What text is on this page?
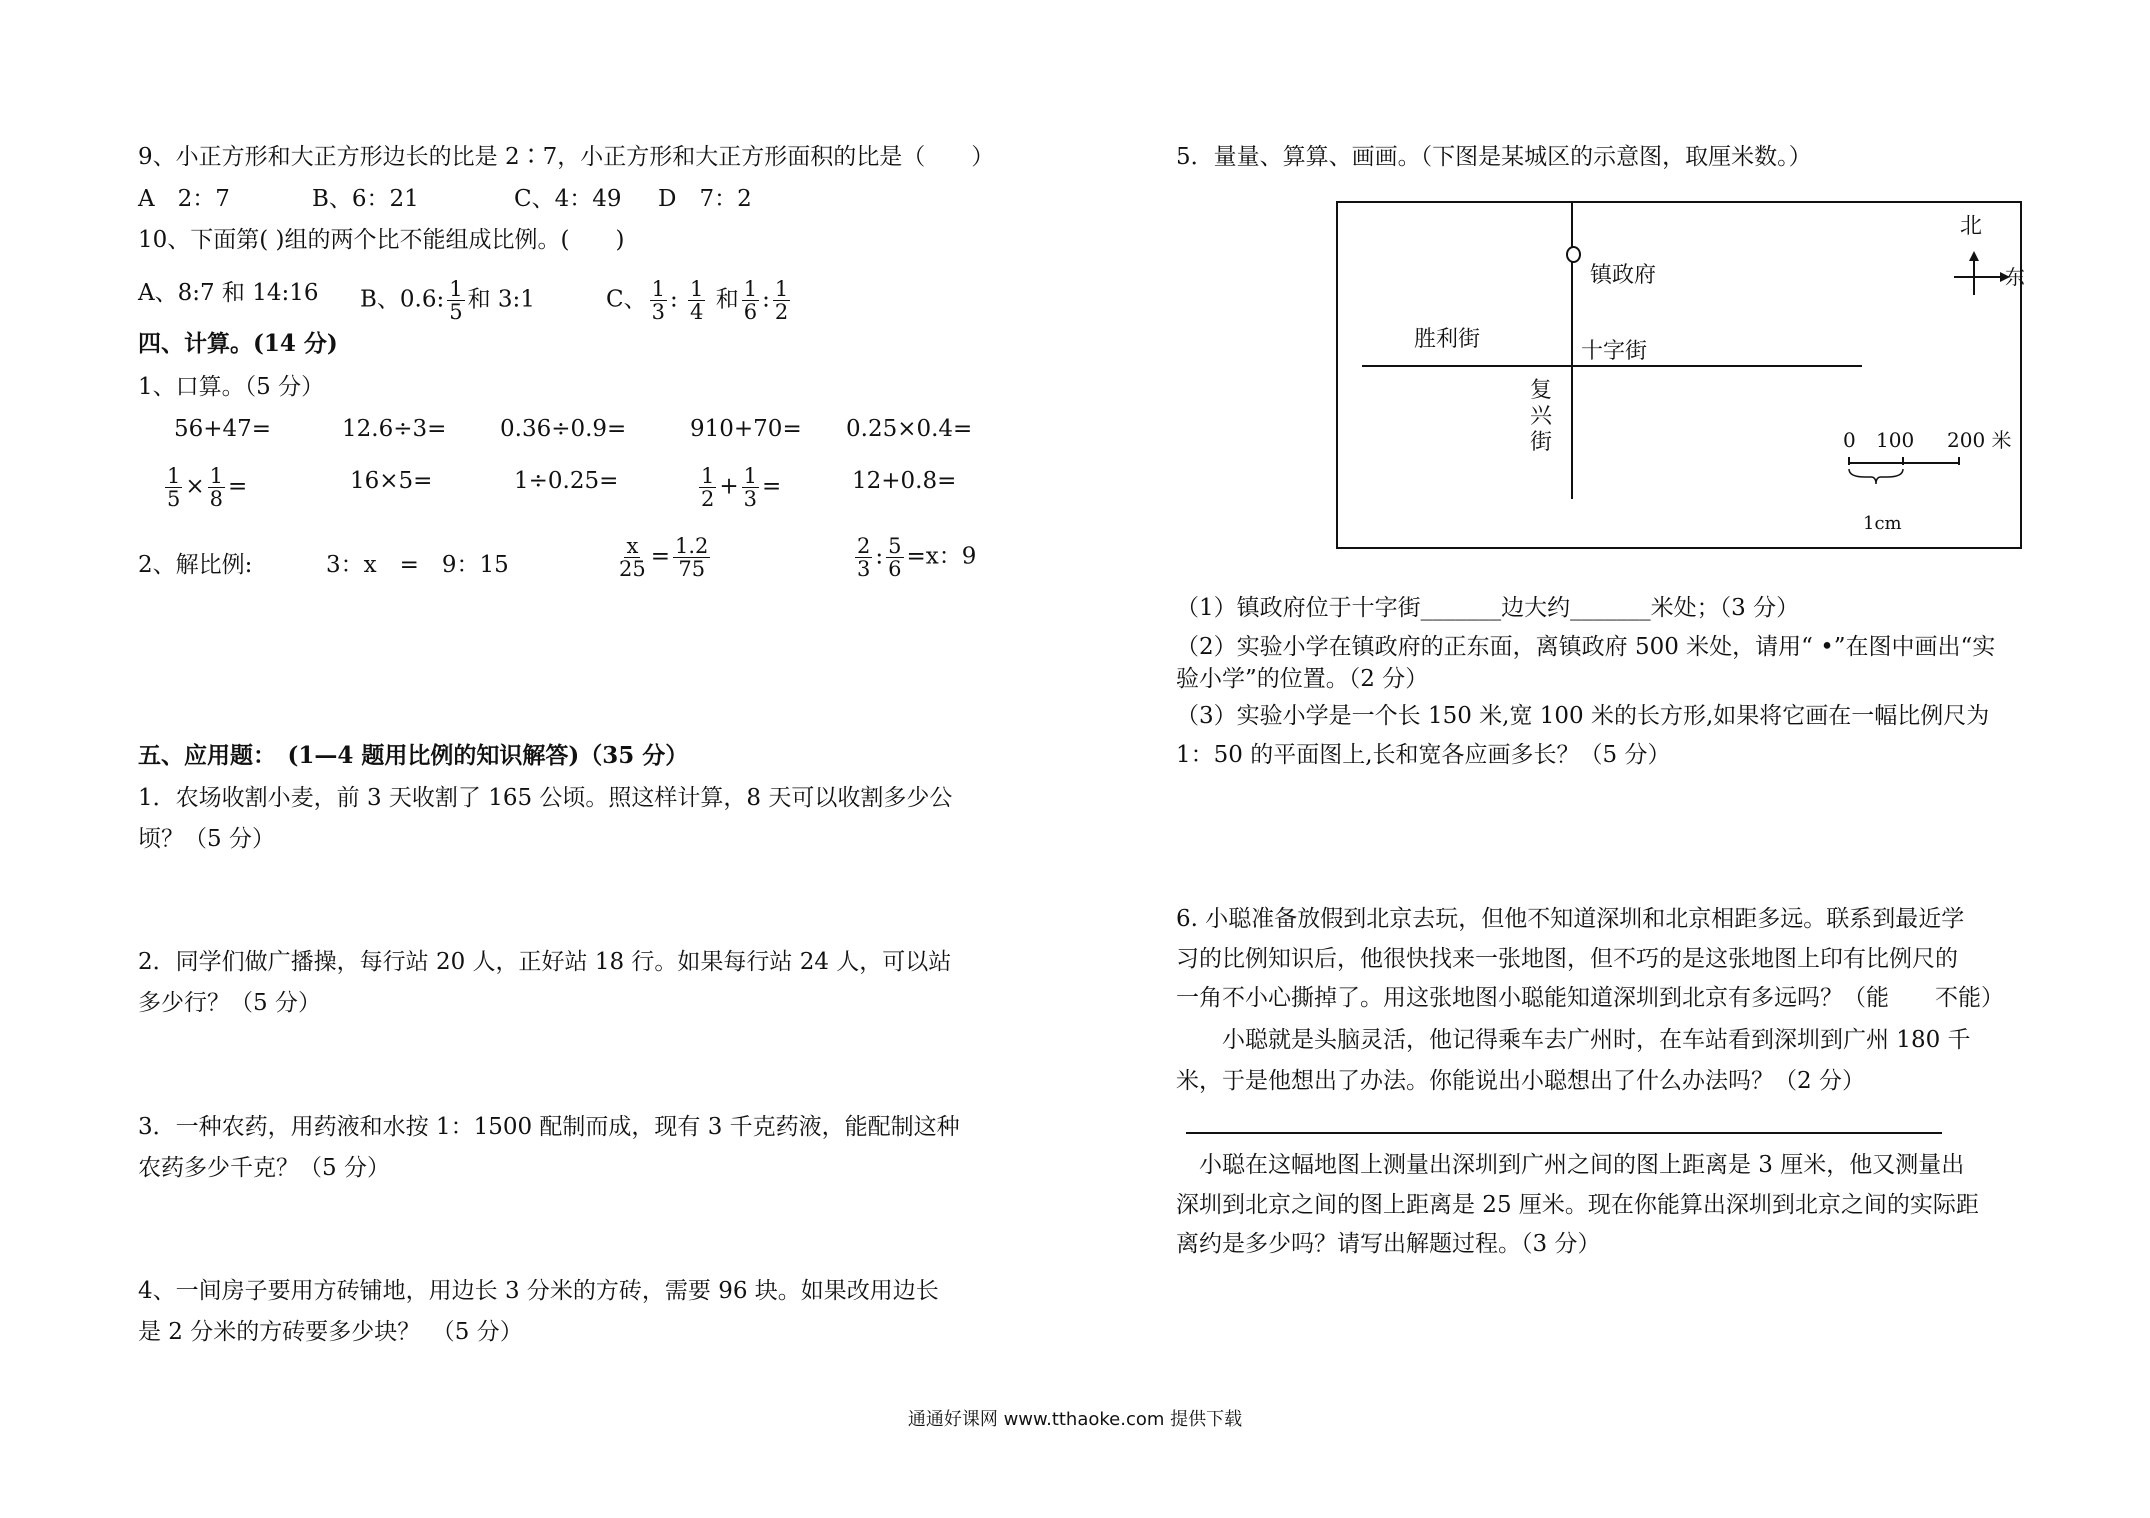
9、小正方形和大正方形边长的比是 2∶7，小正方形和大正方形面积的比是（　　）
A　2：7	B、6：21	C、4：49 D　7：2
10、下面第( )组的两个比不能组成比例。(　　)
A、8:7 和 14:16 B、0.6: $\frac{1}{5}$ 和 3:1	C、 $\frac{1}{3}$ : $\frac{1}{4}$ 和 $\frac{1}{6}$ : $\frac{1}{2}$
四、计算。(14 分)
1、口算。（5 分）
56+47=	12.6÷3= 0.36÷0.9=	910+70= 0.25×0.4=
$\frac{1}{5} \times \frac{1}{8}$ =	16×5=	1÷0.25=	$\frac{1}{2} + \frac{1}{3}$ =	12+0.8=
2、解比例:	3：x　=　9：15	$\frac{x}{25} = \frac{1.2}{75}$	$\frac{2}{3}$ : $\frac{5}{6} =x$：9
五、应用题：　(1—4 题用比例的知识解答)（35 分）
1．农场收割小麦，前 3 天收割了 165 公顷。照这样计算，8 天可以收割多少公
顷？（5 分）
2．同学们做广播操，每行站 20 人，正好站 18 行。如果每行站 24 人，可以站
多少行？（5 分）
3．一种农药，用药液和水按 1：1500 配制而成，现有 3 千克药液，能配制这种
农药多少千克？（5 分）
4、一间房子要用方砖铺地，用边长 3 分米的方砖，需要 96 块。如果改用边长
是 2 分米的方砖要多少块？　（5 分）
5．量量、算算、画画。（下图是某城区的示意图，取厘米数。）
镇政府
胜利街	十字街
复
兴
街
北
东
0 100 200 米
1cm
（1）镇政府位于十字街_______边大约_______米处；（3 分）
（2）实验小学在镇政府的正东面，离镇政府 500 米处，请用“ •”在图中画出“实
验小学”的位置。（2 分）
（3）实验小学是一个长 150 米,宽 100 米的长方形,如果将它画在一幅比例尺为
1：50 的平面图上,长和宽各应画多长？（5 分）
6. 小聪准备放假到北京去玩，但他不知道深圳和北京相距多远。联系到最近学
习的比例知识后，他很快找来一张地图，但不巧的是这张地图上印有比例尺的
一角不小心撕掉了。用这张地图小聪能知道深圳到北京有多远吗？（能　　不能）
　　小聪就是头脑灵活，他记得乘车去广州时，在车站看到深圳到广州 180 千
米，于是他想出了办法。你能说出小聪想出了什么办法吗？（2 分）
　小聪在这幅地图上测量出深圳到广州之间的图上距离是 3 厘米，他又测量出
深圳到北京之间的图上距离是 25 厘米。现在你能算出深圳到北京之间的实际距
离约是多少吗？请写出解题过程。（3 分）
通通好课网 www.tthaoke.com 提供下载
